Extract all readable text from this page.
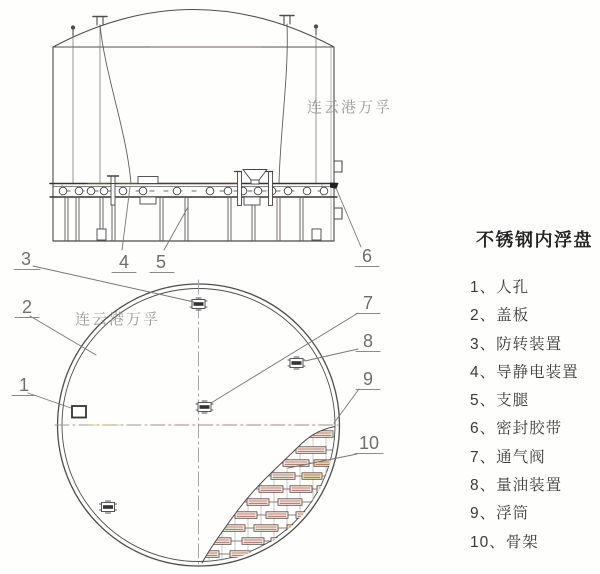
3	4 5	6
2
1
7
8
9
10
连云港万孚
连云港万孚
不锈钢内浮盘
1、人孔
2、盖板
3、防转装置
4、导静电装置
5、支腿
6、密封胶带
7、通气阀
8、量油装置
9、浮筒
10、骨架
